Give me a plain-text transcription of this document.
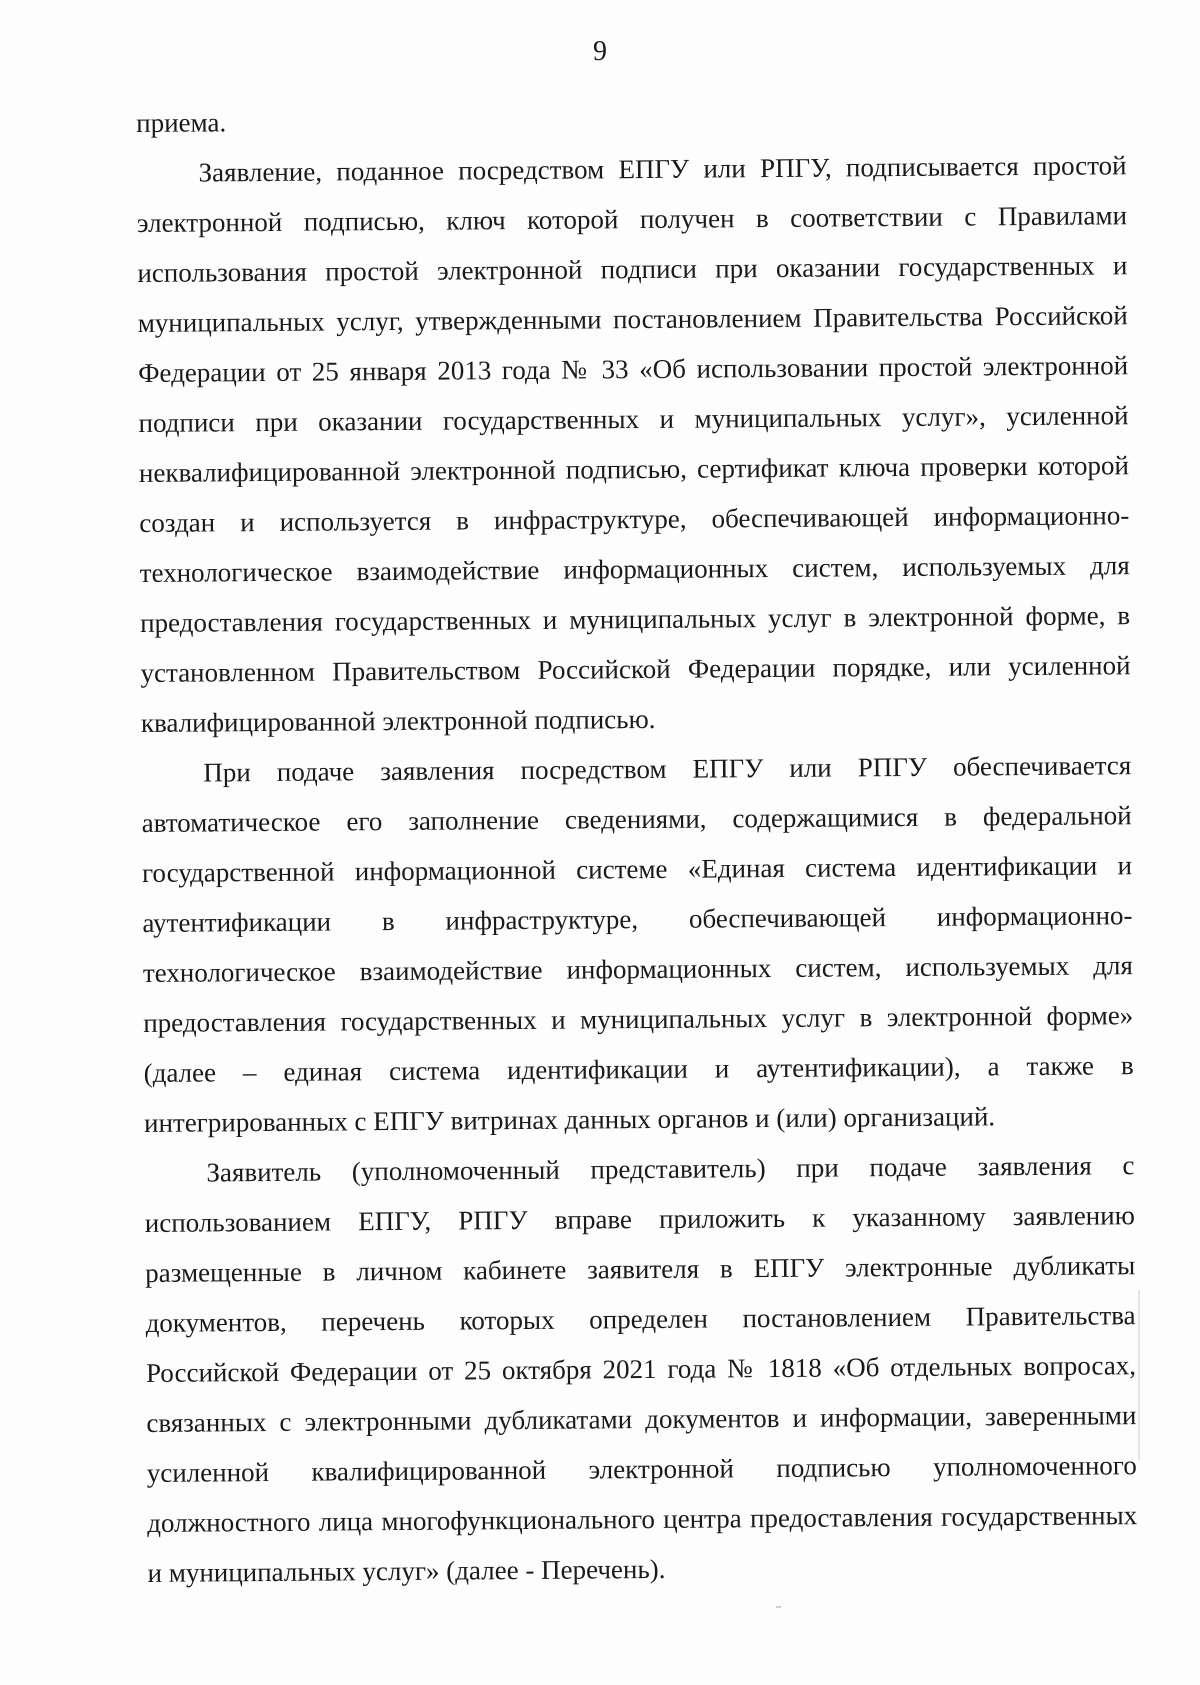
9

приема.

Заявление, поданное посредством ЕПГУ или РПГУ, подписывается простой электронной подписью, ключ которой получен в соответствии с Правилами использования простой электронной подписи при оказании государственных и муниципальных услуг, утвержденными постановлением Правительства Российской Федерации от 25 января 2013 года № 33 «Об использовании простой электронной подписи при оказании государственных и муниципальных услуг», усиленной неквалифицированной электронной подписью, сертификат ключа проверки которой создан и используется в инфраструктуре, обеспечивающей информационно-технологическое взаимодействие информационных систем, используемых для предоставления государственных и муниципальных услуг в электронной форме, в установленном Правительством Российской Федерации порядке, или усиленной квалифицированной электронной подписью.

При подаче заявления посредством ЕПГУ или РПГУ обеспечивается автоматическое его заполнение сведениями, содержащимися в федеральной государственной информационной системе «Единая система идентификации и аутентификации в инфраструктуре, обеспечивающей информационно-технологическое взаимодействие информационных систем, используемых для предоставления государственных и муниципальных услуг в электронной форме» (далее – единая система идентификации и аутентификации), а также в интегрированных с ЕПГУ витринах данных органов и (или) организаций.

Заявитель (уполномоченный представитель) при подаче заявления с использованием ЕПГУ, РПГУ вправе приложить к указанному заявлению размещенные в личном кабинете заявителя в ЕПГУ электронные дубликаты документов, перечень которых определен постановлением Правительства Российской Федерации от 25 октября 2021 года № 1818 «Об отдельных вопросах, связанных с электронными дубликатами документов и информации, заверенными усиленной квалифицированной электронной подписью уполномоченного должностного лица многофункционального центра предоставления государственных и муниципальных услуг» (далее - Перечень).
